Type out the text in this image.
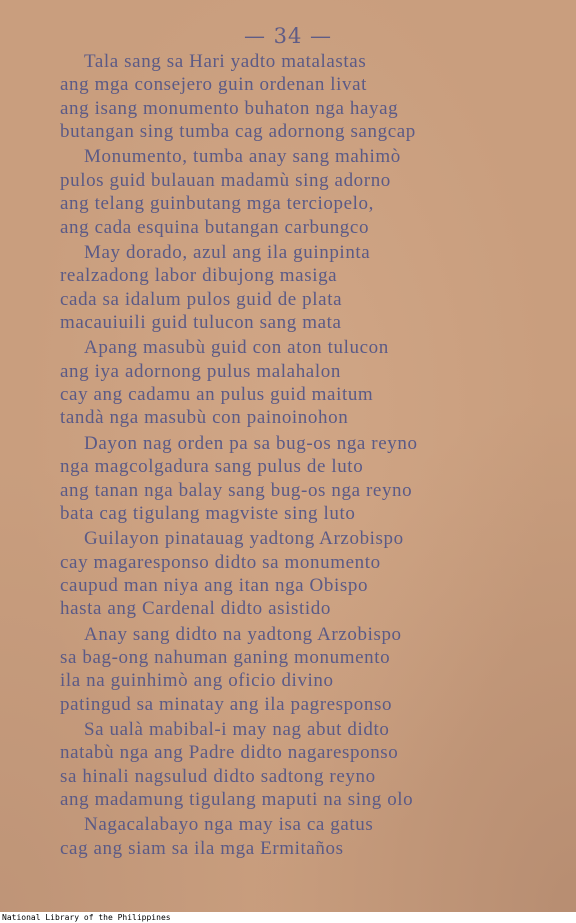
— 34 —
Tala sang sa Hari yadto matalastas
ang mga consejero guin ordenan livat
ang isang monumento buhaton nga hayag
butangan sing tumba cag adornong sangcap
Monumento, tumba anay sang mahimò
pulos guid bulauan madamù sing adorno
ang telang guinbutang mga terciopelo,
ang cada esquina butangan carbungco
May dorado, azul ang ila guinpinta
realzadong labor dibujong masiga
cada sa idalum pulos guid de plata
macauiuili guid tulucon sang mata
Apang masubù guid con aton tulucon
ang iya adornong pulus malahalon
cay ang cadamu an pulus guid maitum
tandà nga masubù con painoinohon
Dayon nag orden pa sa bug-os nga reyno
nga magcolgadura sang pulus de luto
ang tanan nga balay sang bug-os nga reyno
bata cag tigulang magviste sing luto
Guilayon pinatauag yadtong Arzobispo
cay magaresponso didto sa monumento
caupud man niya ang itan nga Obispo
hasta ang Cardenal didto asistido
Anay sang didto na yadtong Arzobispo
sa bag-ong nahuman ganing monumento
ila na guinhimò ang oficio divino
patingud sa minatay ang ila pagresponso
Sa ualà mabibal-i may nag abut didto
natabù nga ang Padre didto nagaresponso
sa hinali nagsulud didto sadtong reyno
ang madamung tigulang maputi na sing olo
Nagacalabayo nga may isa ca gatus
cag ang siam sa ila mga Ermitaños
National Library of the Philippines
